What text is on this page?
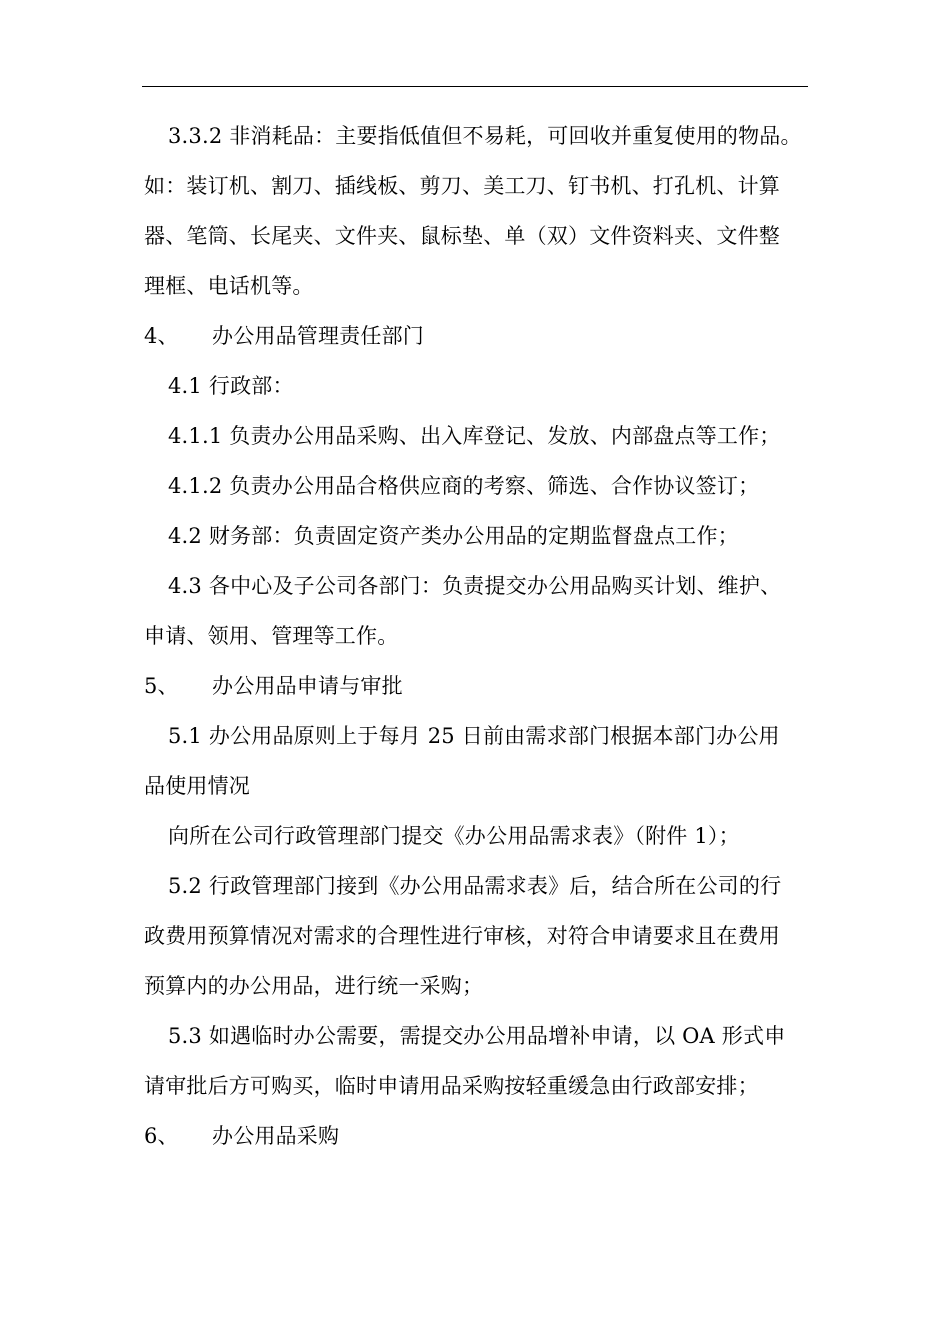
3.3.2 非消耗品：主要指低值但不易耗，可回收并重复使用的物品。
如：装订机、割刀、插线板、剪刀、美工刀、钉书机、打孔机、计算
器、笔筒、长尾夹、文件夹、鼠标垫、单（双）文件资料夹、文件整
理框、电话机等。
4、	办公用品管理责任部门
4.1 行政部：
4.1.1 负责办公用品采购、出入库登记、发放、内部盘点等工作；
4.1.2 负责办公用品合格供应商的考察、筛选、合作协议签订；
4.2 财务部：负责固定资产类办公用品的定期监督盘点工作；
4.3 各中心及子公司各部门：负责提交办公用品购买计划、维护、
申请、领用、管理等工作。
5、	办公用品申请与审批
5.1 办公用品原则上于每月 25 日前由需求部门根据本部门办公用
品使用情况
向所在公司行政管理部门提交《办公用品需求表》（附件 1）；
5.2 行政管理部门接到《办公用品需求表》后，结合所在公司的行
政费用预算情况对需求的合理性进行审核，对符合申请要求且在费用
预算内的办公用品，进行统一采购；
5.3 如遇临时办公需要，需提交办公用品增补申请，以 OA 形式申
请审批后方可购买，临时申请用品采购按轻重缓急由行政部安排；
6、	办公用品采购
